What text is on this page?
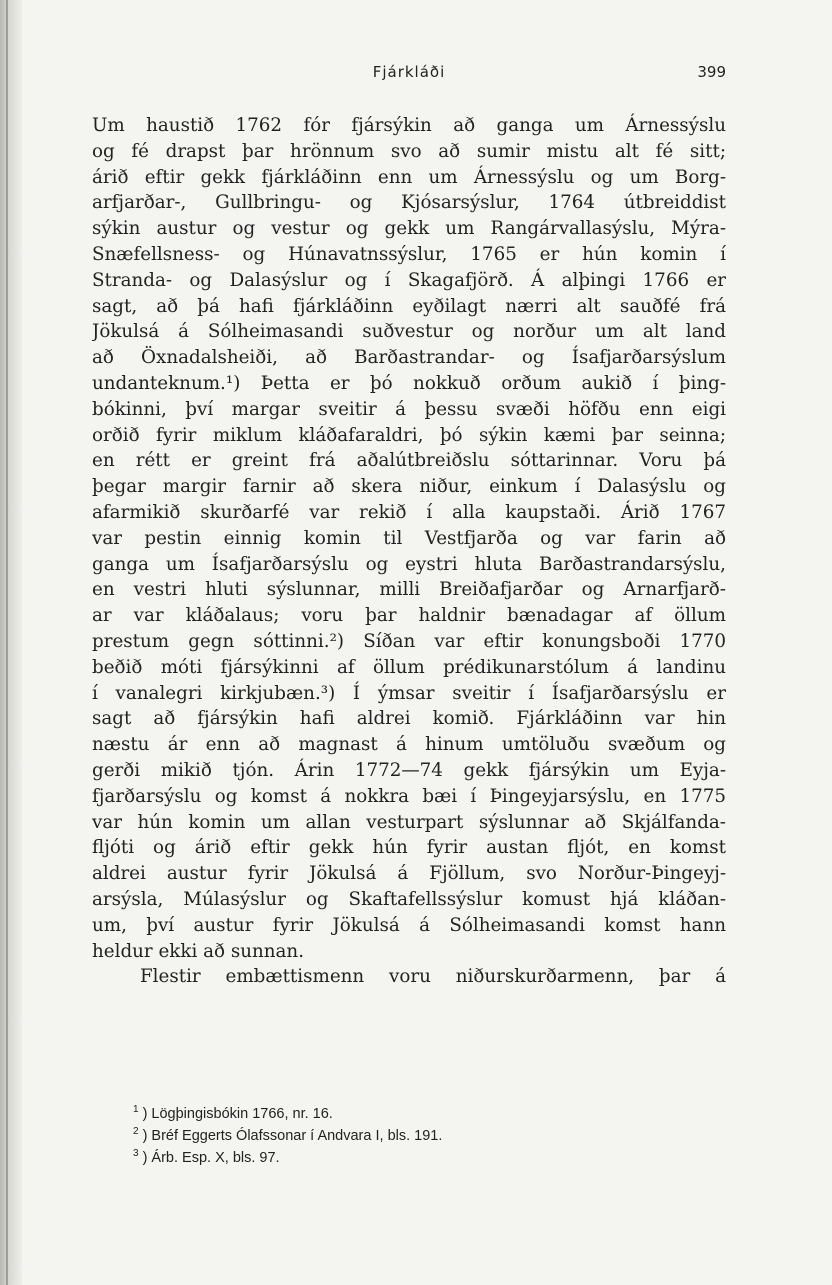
Fjárkláði	399
Um haustið 1762 fór fjársýkin að ganga um Árnessýslu
og fé drapst þar hrönnum svo að sumir mistu alt fé sitt;
árið eftir gekk fjárkláðinn enn um Árnessýslu og um Borg-
arfjarðar-, Gullbringu- og Kjósarsýslur, 1764 útbreiddist
sýkin austur og vestur og gekk um Rangárvallasýslu, Mýra-
Snæfellsness- og Húnavatnssýslur, 1765 er hún komin í
Stranda- og Dalasýslur og í Skagafjörð. Á alþingi 1766 er
sagt, að þá hafi fjárkláðinn eyðilagt nærri alt sauðfé frá
Jökulsá á Sólheimasandi suðvestur og norður um alt land
að Öxnadalsheiði, að Barðastrandar- og Ísafjarðarsýslum
undanteknum.¹) Þetta er þó nokkuð orðum aukið í þing-
bókinni, því margar sveitir á þessu svæði höfðu enn eigi
orðið fyrir miklum kláðafaraldri, þó sýkin kæmi þar seinna;
en rétt er greint frá aðalútbreiðslu sóttarinnar. Voru þá
þegar margir farnir að skera niður, einkum í Dalasýslu og
afarmikið skurðarfé var rekið í alla kaupstaði. Árið 1767
var pestin einnig komin til Vestfjarða og var farin að
ganga um Ísafjarðarsýslu og eystri hluta Barðastrandarsýslu,
en vestri hluti sýslunnar, milli Breiðafjarðar og Arnarfjarð-
ar var kláðalaus; voru þar haldnir bænadagar af öllum
prestum gegn sóttinni.²) Síðan var eftir konungsboði 1770
beðið móti fjársýkinni af öllum prédikunarstólum á landinu
í vanalegri kirkjubæn.³) Í ýmsar sveitir í Ísafjarðarsýslu er
sagt að fjársýkin hafi aldrei komið. Fjárkláðinn var hin
næstu ár enn að magnast á hinum umtöluðu svæðum og
gerði mikið tjón. Árin 1772—74 gekk fjársýkin um Eyja-
fjarðarsýslu og komst á nokkra bæi í Þingeyjarsýslu, en 1775
var hún komin um allan vesturpart sýslunnar að Skjálfanda-
fljóti og árið eftir gekk hún fyrir austan fljót, en komst
aldrei austur fyrir Jökulsá á Fjöllum, svo Norður-Þingeyj-
arsýsla, Múlasýslur og Skaftafellssýslur komust hjá kláðan-
um, því austur fyrir Jökulsá á Sólheimasandi komst hann
heldur ekki að sunnan.
Flestir embættismenn voru niðurskurðarmenn, þar á
$^1$ ) Lögþingisbókin 1766, nr. 16.
$^2$ ) Bréf Eggerts Ólafssonar í Andvara I, bls. 191.
$^3$ ) Árb. Esp. X, bls. 97.
